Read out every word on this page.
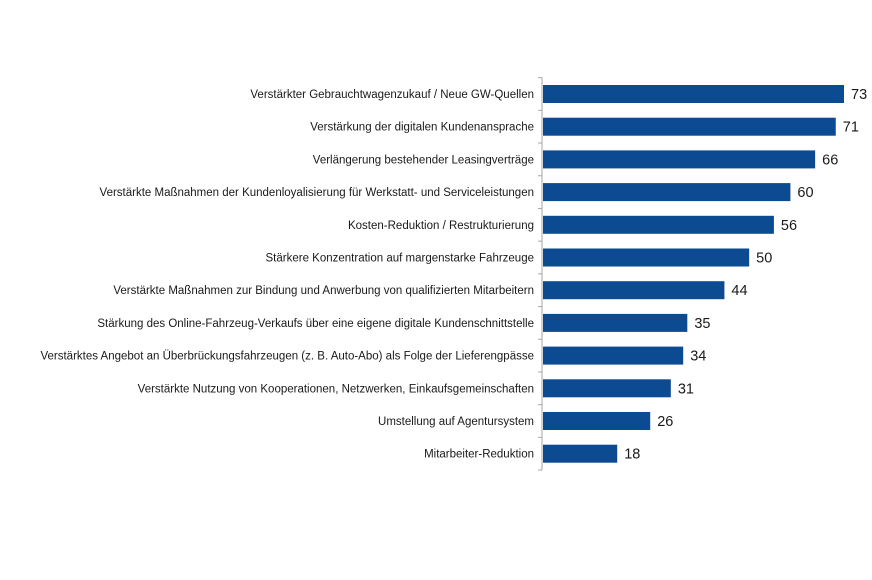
Verstärkter Gebrauchtwagenzukauf / Neue GW-Quellen
Verstärkung der digitalen Kundenansprache
Verlängerung bestehender Leasingverträge
Verstärkte Maßnahmen der Kundenloyalisierung für Werkstatt- und Serviceleistungen
Kosten-Reduktion / Restrukturierung
Stärkere Konzentration auf margenstarke Fahrzeuge
Verstärkte Maßnahmen zur Bindung und Anwerbung von qualifizierten Mitarbeitern
Stärkung des Online-Fahrzeug-Verkaufs über eine eigene digitale Kundenschnittstelle
Verstärktes Angebot an Überbrückungsfahrzeugen (z. B. Auto-Abo) als Folge der Lieferengpässe
Verstärkte Nutzung von Kooperationen, Netzwerken, Einkaufsgemeinschaften
Umstellung auf Agentursystem
Mitarbeiter-Reduktion
73
71
66
60
56
50
44
35
34
31
26
18
